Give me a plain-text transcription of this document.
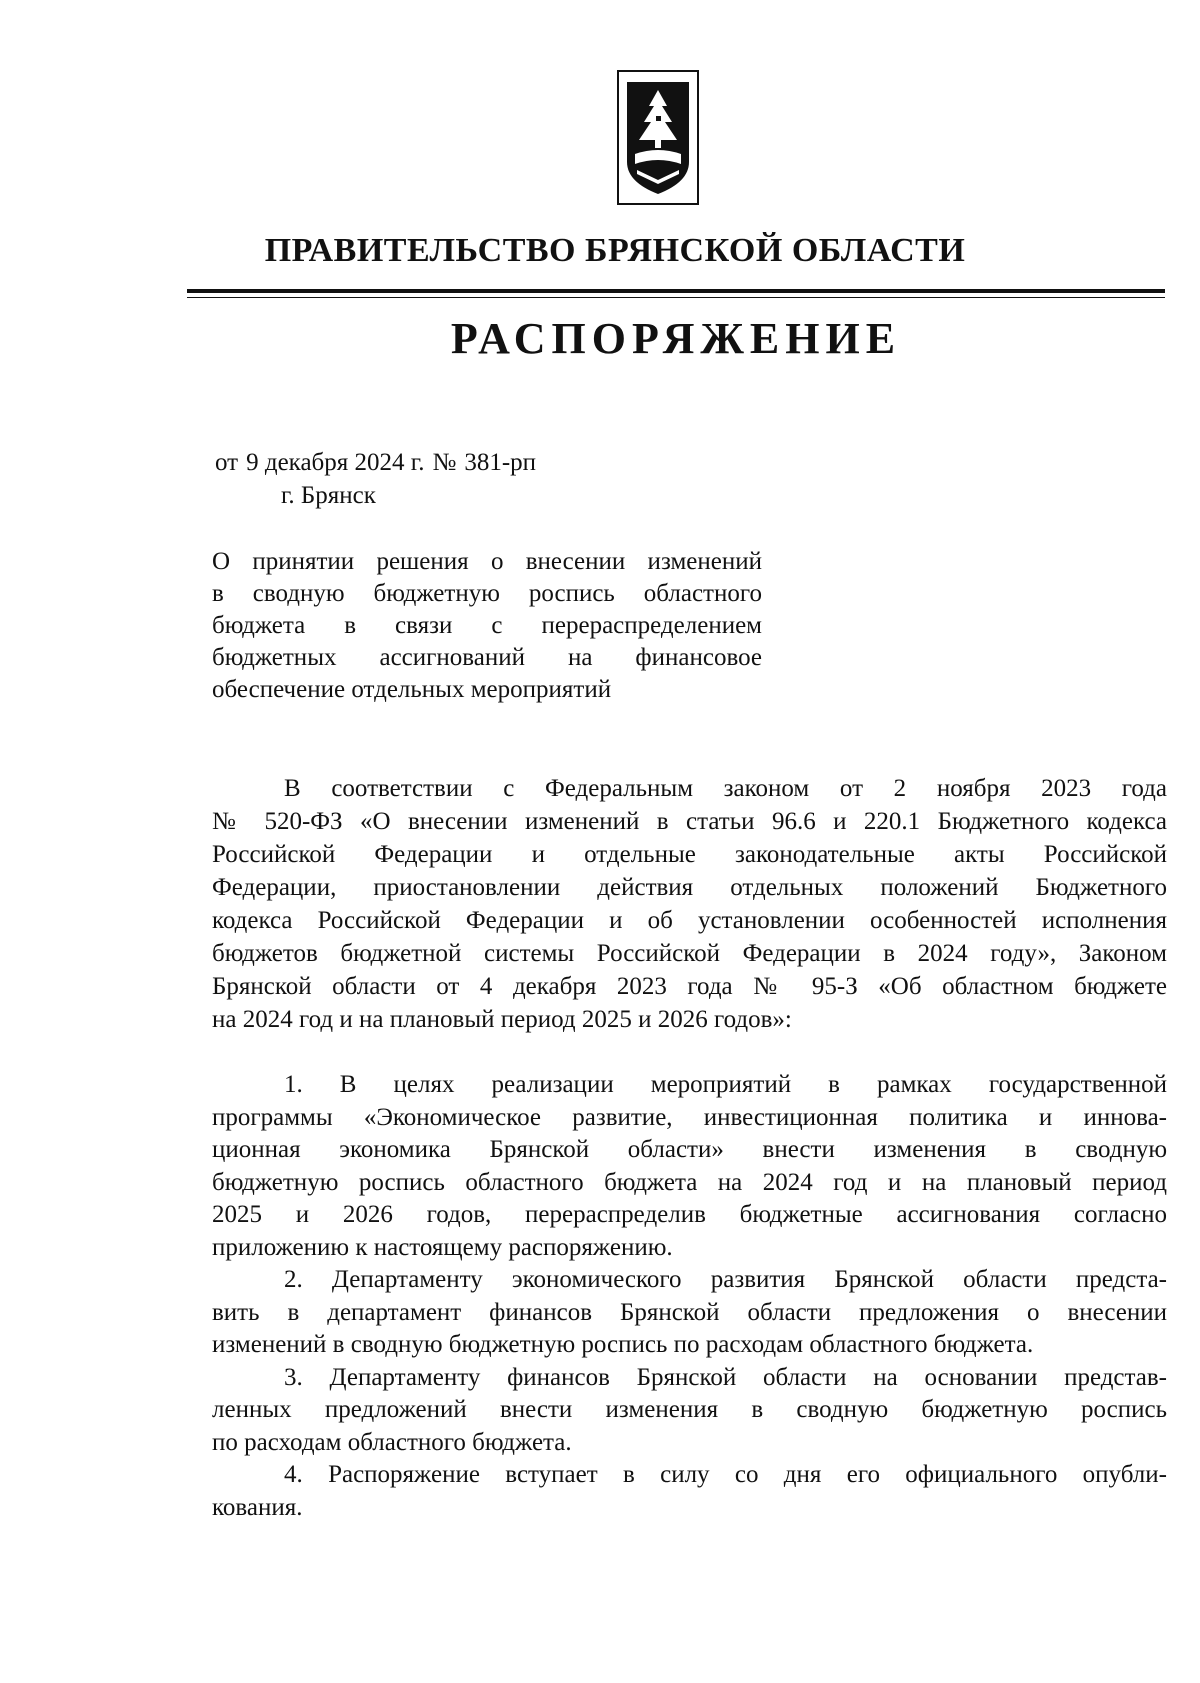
ПРАВИТЕЛЬСТВО БРЯНСКОЙ ОБЛАСТИ
РАСПОРЯЖЕНИЕ
от 9 декабря 2024 г. № 381-рп
г. Брянск
О принятии решения о внесении изменений
в сводную бюджетную роспись областного
бюджета в связи с перераспределением
бюджетных ассигнований на финансовое
обеспечение отдельных мероприятий
В соответствии с Федеральным законом от 2 ноября 2023 года
№ 520-ФЗ «О внесении изменений в статьи 96.6 и 220.1 Бюджетного кодекса
Российской Федерации и отдельные законодательные акты Российской
Федерации, приостановлении действия отдельных положений Бюджетного
кодекса Российской Федерации и об установлении особенностей исполнения
бюджетов бюджетной системы Российской Федерации в 2024 году», Законом
Брянской области от 4 декабря 2023 года № 95-З «Об областном бюджете
на 2024 год и на плановый период 2025 и 2026 годов»:
1. В целях реализации мероприятий в рамках государственной
программы «Экономическое развитие, инвестиционная политика и иннова-
ционная экономика Брянской области» внести изменения в сводную
бюджетную роспись областного бюджета на 2024 год и на плановый период
2025 и 2026 годов, перераспределив бюджетные ассигнования согласно
приложению к настоящему распоряжению.
2. Департаменту экономического развития Брянской области предста-
вить в департамент финансов Брянской области предложения о внесении
изменений в сводную бюджетную роспись по расходам областного бюджета.
3. Департаменту финансов Брянской области на основании представ-
ленных предложений внести изменения в сводную бюджетную роспись
по расходам областного бюджета.
4. Распоряжение вступает в силу со дня его официального опубли-
кования.
